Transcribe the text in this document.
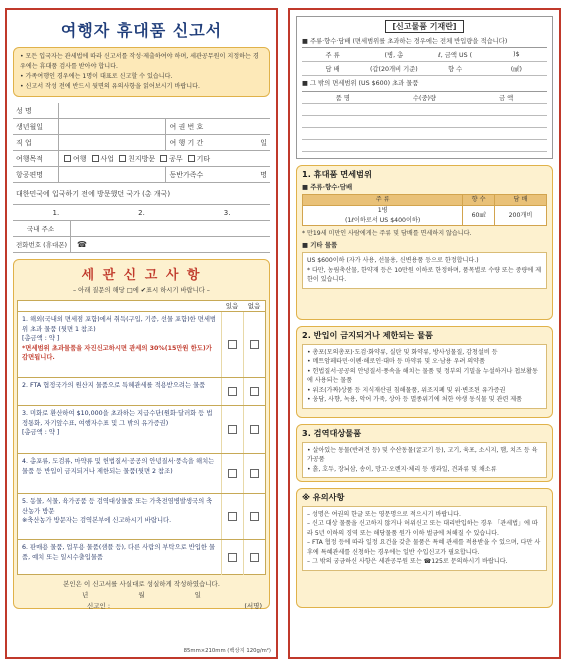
여행자 휴대품 신고서
• 모든 입국자는 관세법에 따라 신고서를 작성·제출하여야 하며, 세관공무원이 지정하는 경우에는 휴대품 검사를 받아야 합니다.
• 가족여행인 경우에는 1명이 대표로 신고할 수 있습니다.
• 신고서 작성 전에 반드시 뒷면의 유의사항을 읽어보시기 바랍니다.
성 명
생년월일	여 권 번 호
직 업	여 행 기 간	일
여행목적	여행 사업 친지방문 공무 기타
항공편명	동반가족수	명
대한민국에 입국하기 전에 방문했던 국가 (총 개국)
1.	2.	3.
국내 주소
전화번호 (휴대폰)	☎
세 관 신 고 사 항
– 아래 질문의 해당 □에 ✔표시 하시기 바랍니다 –
있음	없음
1. 해외(국내외 면세점 포함)에서 취득(구입, 기증, 선물 포함)한 면세범위 초과 물품 (뒷면 1 참조)
[총금액 : 약 ]
*면세범위 초과물품을 자진신고하시면 관세의 30%(15만원 한도)가 감면됩니다.
2. FTA 협정국가의 원산지 물품으로 특혜관세를 적용받으려는 물품
3. 미화로 환산하여 $10,000을 초과하는 지급수단(원화·달러화 등 법정통화, 자기앞수표, 여행자수표 및 그 밖의 유가증권)
[총금액 : 약 ]
4. 총포류, 도검류, 마약류 및 헌법질서·공공의 안녕질서·풍속을 해치는 물품 등 반입이 금지되거나 제한되는 물품(뒷면 2 참조)
5. 동물, 식물, 육가공품 등 검역대상물품 또는 가축전염병발생국의 축산농가 방문
※축산농가 방문자는 검역본부에 신고하시기 바랍니다.
6. 판매용 물품, 업무용 물품(샘플 등), 다른 사람의 부탁으로 반입한 물품, 예치 또는 일시수출입물품
본인은 이 신고서를 사실대로 성실하게 작성하였습니다.
년	월	일
신고인 :	(서명)
85mm×210mm (백상지 120g/m²)
[신고물품 기재란]
■ 주류·향수·담배 (면세범위를 초과하는 경우에는 전체 반입량을 적습니다)
주 류	(병, 총	ℓ, 금액 US (	)$
담 배	(갑(20개비 기준)	향 수	(㎖)
■ 그 밖의 면세범위 (US $600) 초과 물품
품 명	수(중)량	금 액
1. 휴대품 면세범위
■ 주류·향수·담배
주 류	향 수	담 배
1병
(1ℓ이하로서 US $400이하)	60㎖	200개비
* 만19세 미만인 사람에게는 주류 및 담배를 면세하지 않습니다.
■ 기타 물품
US $600이하 (자가 사용, 선물용, 신변용품 등으로 한정합니다.)
* 다만, 농림축산물, 한약재 등은 10만원 이하로 한정하며, 품목별로 수량 또는 중량에 제한이 있습니다.
2. 반입이 금지되거나 제한되는 물품
• 총포(모의총포)·도검·화약류, 실탄 및 화약류, 방사성물질, 감청설비 등
• 메트암페타민·이펜·해로인·대마 등 마약류 및 오·남용 우려 의약품
• 헌법질서·공공의 안녕질서·풍속을 해치는 물품 및 정부의 기밀을 누설하거나 첩보활동에 사용되는 물품
• 위조(가짜)상품 등 지식재산권 침해물품, 위조지폐 및 위·변조된 유가증권
• 웅담, 사향, 녹용, 악어 가죽, 상아 등 멸종위기에 처한 야생 동식물 및 관련 제품
3. 검역대상물품
• 살아있는 동물(반려견 등) 및 수산동물(굴고기 등), 고기, 육포, 소시지, 햄, 치즈 등 육가공품
• 흙, 호두, 장뇌삼, 송이, 망고·오렌지·체리 등 생과일, 견과류 및 채소류
※ 유의사항
– 성명은 여권의 한글 또는 영문명으로 적으시기 바랍니다.
– 신고 대상 물품을 신고하지 않거나 허위신고 또는 대리반입하는 경우 「관세법」에 따라 5년 이하의 징역 또는 해당물품 원가 이하 벌금에 처해질 수 있습니다.
– FTA 협정 등에 따라 일정 요건을 갖춘 물품은 특혜 관세를 적용받을 수 있으며, 다만 사후에 특혜관세를 신청하는 경우에는 일반 수입신고가 필요합니다.
– 그 밖의 궁금하신 사항은 세관공무원 또는 ☎125로 문의하시기 바랍니다.
